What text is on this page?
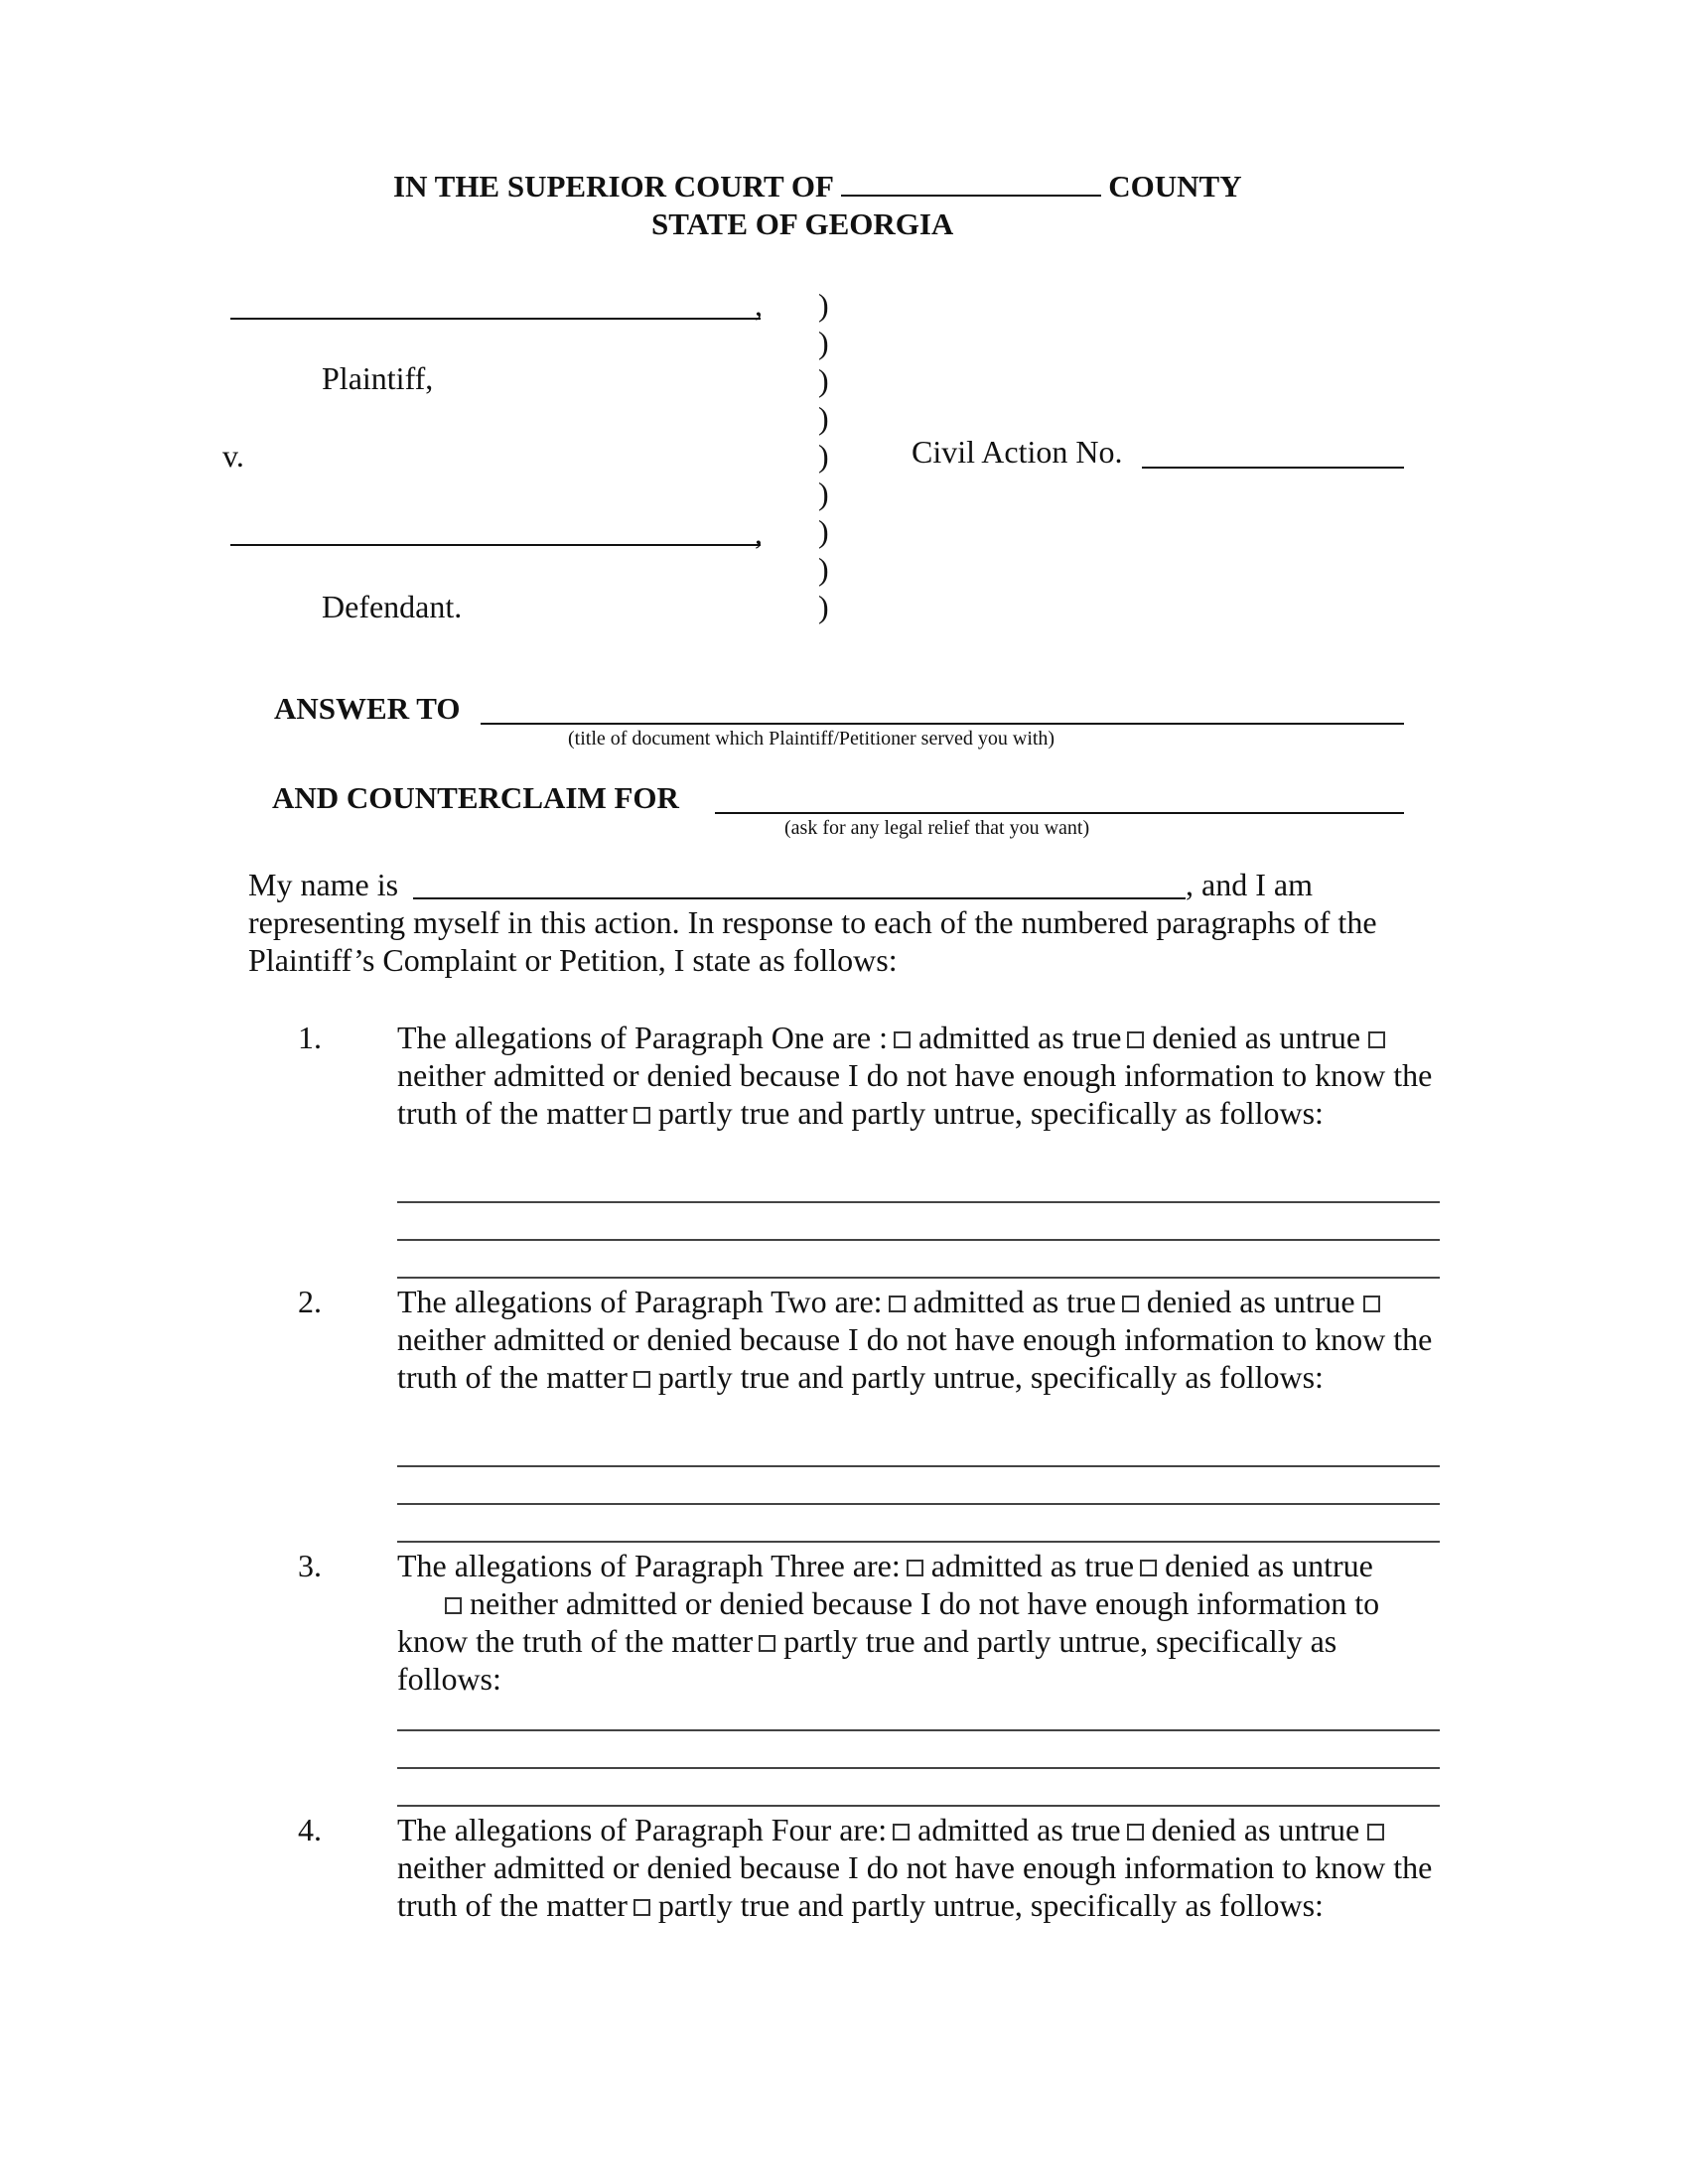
IN THE SUPERIOR COURT OF	COUNTY
STATE OF GEORGIA
,
Plaintiff,
v.
,
Defendant.
)
)
)
)
)
)
)
)
)
Civil Action No.
ANSWER TO
(title of document which Plaintiff/Petitioner served you with)
AND COUNTERCLAIM FOR
(ask for any legal relief that you want)
My name is	, and I am
representing myself in this action. In response to each of the numbered paragraphs of the
Plaintiff’s Complaint or Petition, I state as follows:
1. The allegations of Paragraph One are : admitted as true denied as untrue neither admitted or denied because I do not have enough information to know the truth of the matter partly true and partly untrue, specifically as follows:
2. The allegations of Paragraph Two are: admitted as true denied as untrue neither admitted or denied because I do not have enough information to know the truth of the matter partly true and partly untrue, specifically as follows:
3. The allegations of Paragraph Three are: admitted as true denied as untrue neither admitted or denied because I do not have enough information to know the truth of the matter partly true and partly untrue, specifically as follows:
4. The allegations of Paragraph Four are: admitted as true denied as untrue neither admitted or denied because I do not have enough information to know the truth of the matter partly true and partly untrue, specifically as follows:
